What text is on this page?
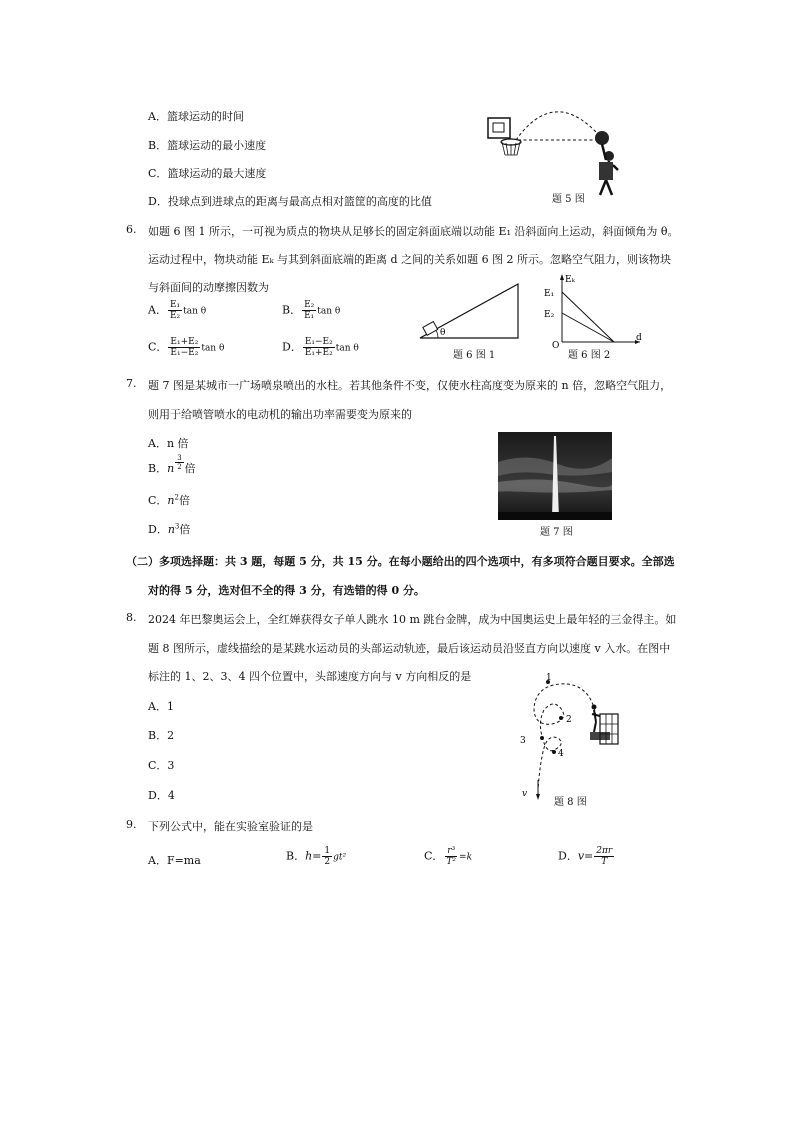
A．篮球运动的时间
B．篮球运动的最小速度
C．篮球运动的最大速度
D．投球点到进球点的距离与最高点相对篮筐的高度的比值	题 5 图
6. 如题 6 图 1 所示，一可视为质点的物块从足够长的固定斜面底端以动能 E₁ 沿斜面向上运动，斜面倾角为 θ。
运动过程中，物块动能 Eₖ 与其到斜面底端的距离 d 之间的关系如题 6 图 2 所示。忽略空气阻力，则该物块
与斜面间的动摩擦因数为
A． $\frac{\text{E₁}}{\text{E₂}}$ tan θ	B． $\frac{\text{E₂}}{\text{E₁}}$ tan θ
C． $\frac{\text{E₁+E₂}}{\text{E₁−E₂}}$ tan θ	D． $\frac{\text{E₁−E₂}}{\text{E₁+E₂}}$ tan θ
θ
题 6 图 1
Eₖ
E₁
E₂
O
d
题 6 图 2
7. 题 7 图是某城市一广场喷泉喷出的水柱。若其他条件不变，仅使水柱高度变为原来的 n 倍，忽略空气阻力，
则用于给喷管喷水的电动机的输出功率需要变为原来的
A．n 倍
B．n $\frac{3}{2}$ 倍
C．$n^2$倍
D．$n^3$倍	题 7 图
（二）多项选择题：共 3 题，每题 5 分，共 15 分。在每小题给出的四个选项中，有多项符合题目要求。全部选
对的得 5 分，选对但不全的得 3 分，有选错的得 0 分。
8. 2024 年巴黎奥运会上，全红婵获得女子单人跳水 10 m 跳台金牌，成为中国奥运史上最年轻的三金得主。如
题 8 图所示，虚线描绘的是某跳水运动员的头部运动轨迹，最后该运动员沿竖直方向以速度 v 入水。在图中
标注的 1、2、3、4 四个位置中，头部速度方向与 v 方向相反的是
A．1
B．2
C．3
D．4
1
2
3
4
v
题 8 图
9. 下列公式中，能在实验室验证的是
A．F=ma	B．$h= \frac{1}{2} gt^2$	C． $\frac{\text{r³}}{\text{T²}} =k$	D．$v= \frac{2\pi r}{T}$
